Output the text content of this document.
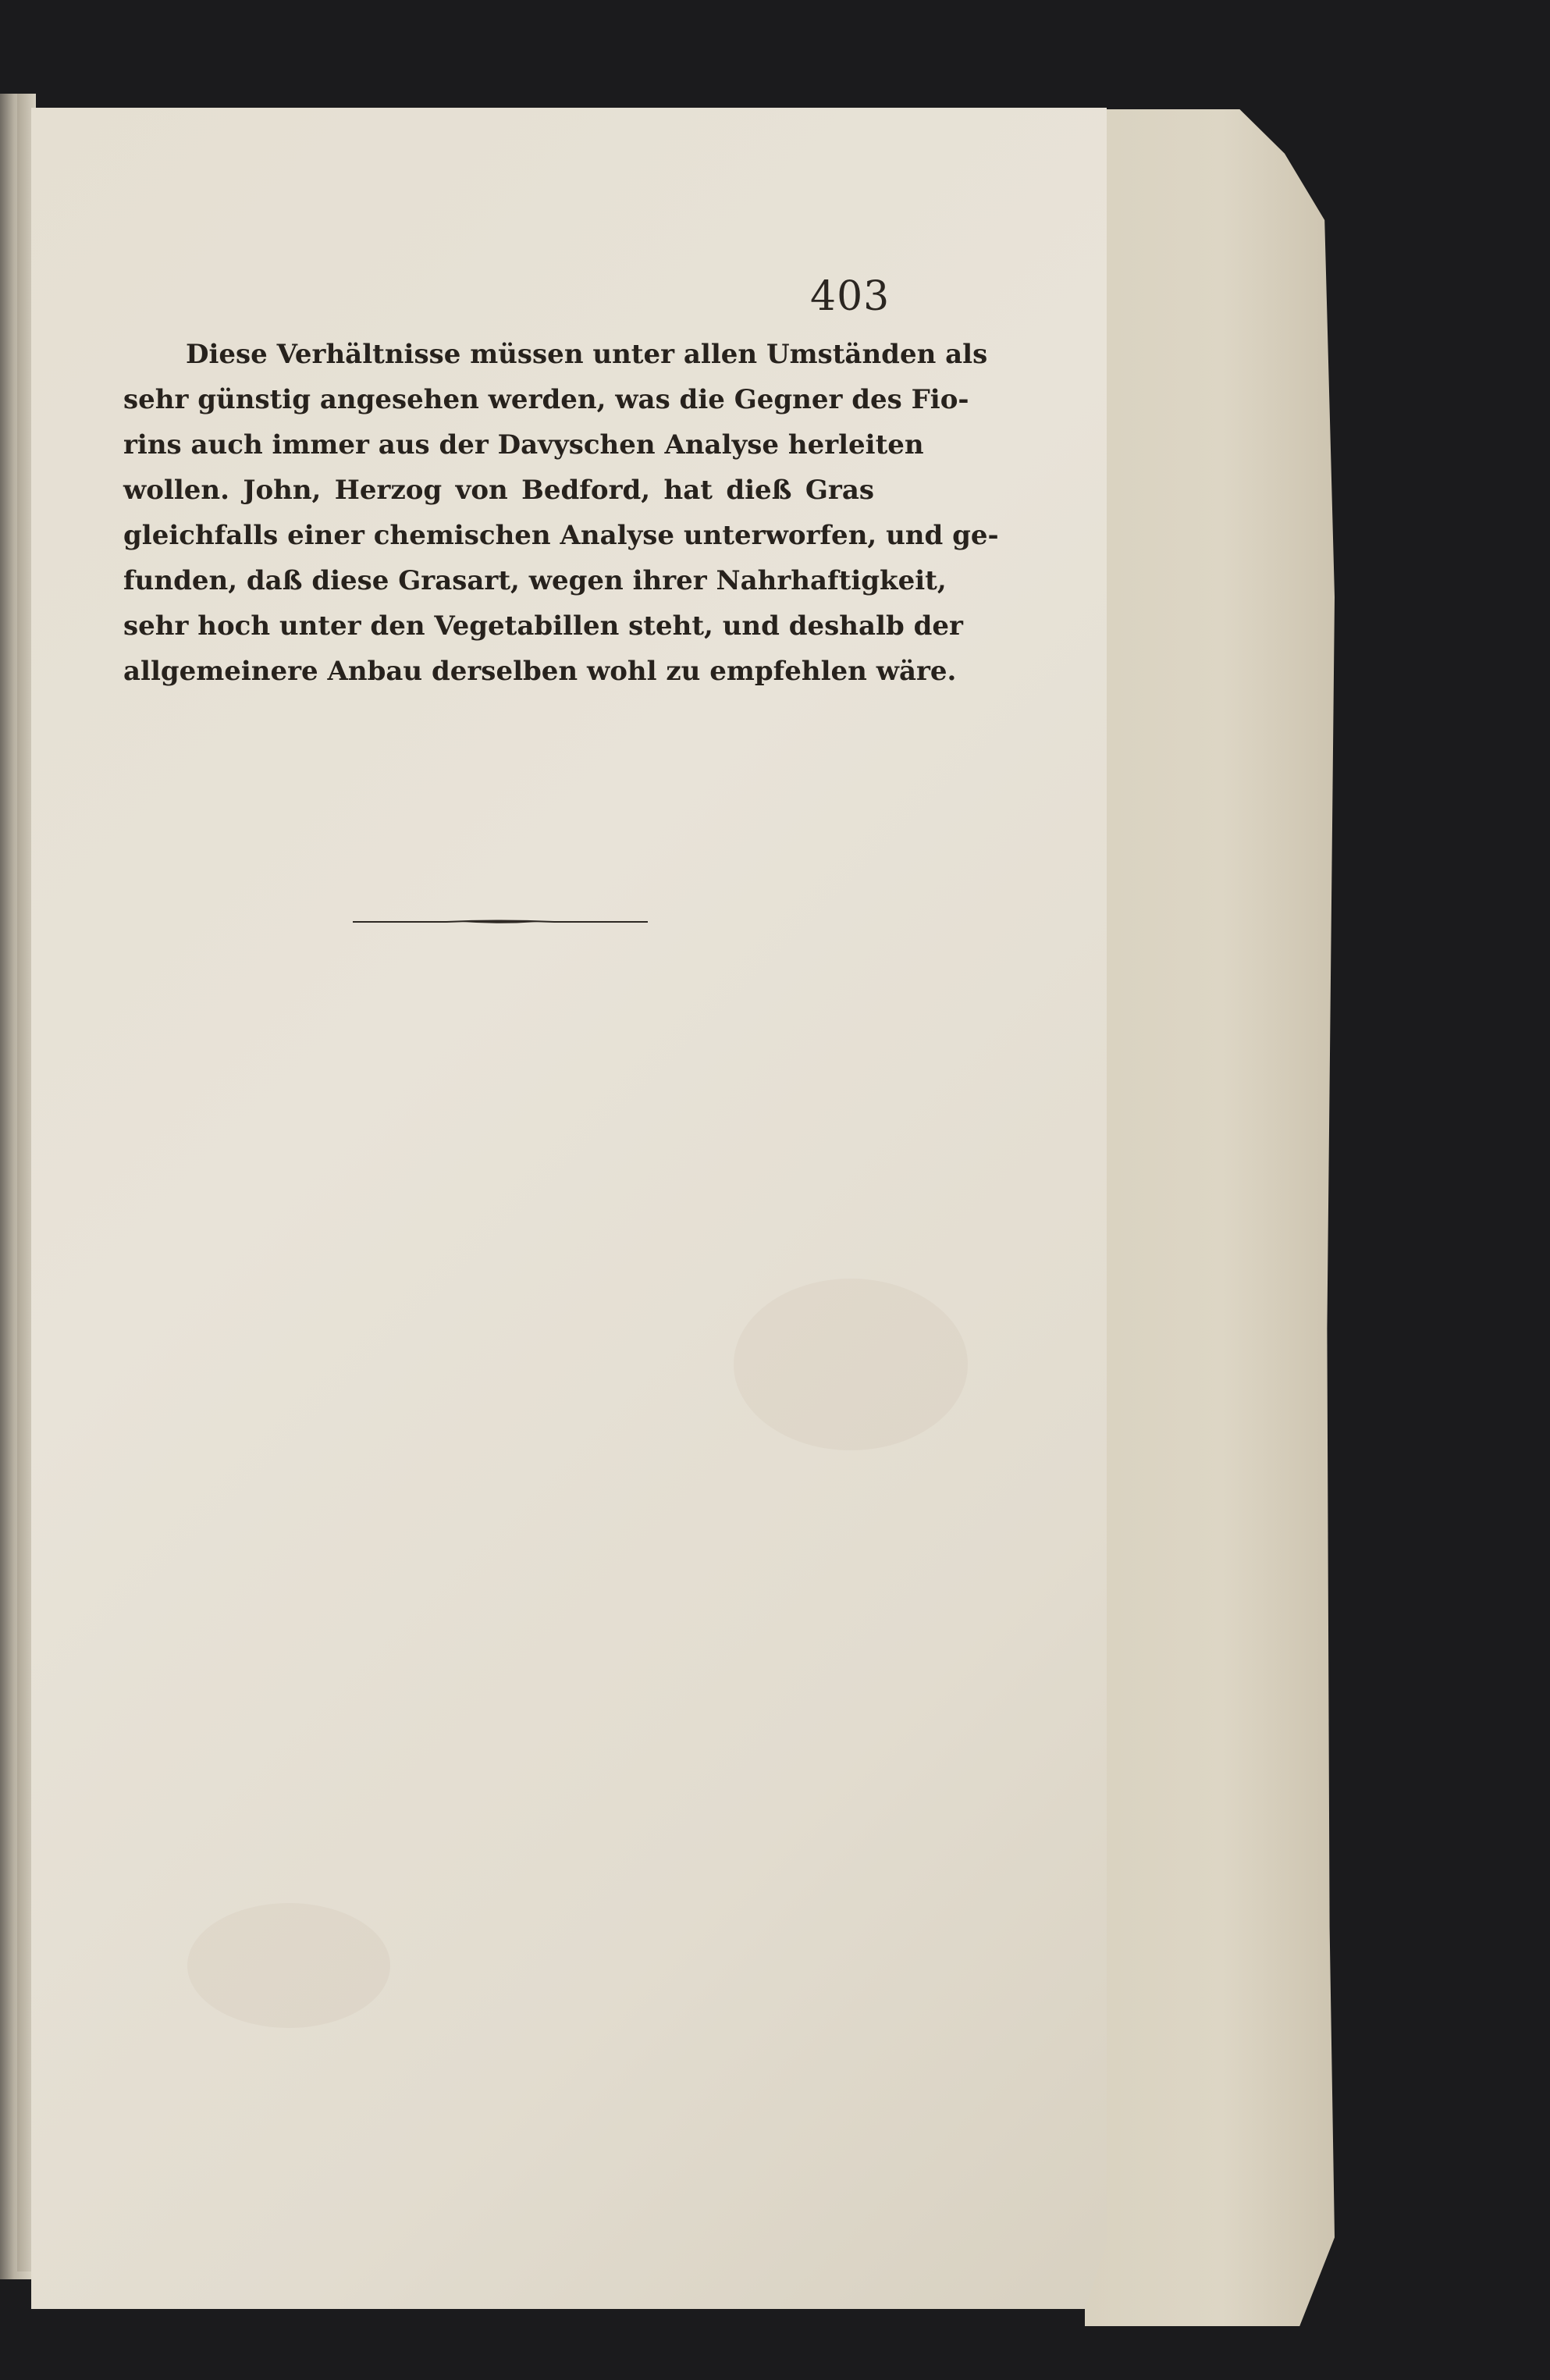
403
Diese Verhältnisse müssen unter allen Umständen als
sehr günstig angesehen werden, was die Gegner des Fio-
rins auch immer aus der Davyschen Analyse herleiten
wollen. John, Herzog von Bedford, hat dieß Gras
gleichfalls einer chemischen Analyse unterworfen, und ge-
funden, daß diese Grasart, wegen ihrer Nahrhaftigkeit,
sehr hoch unter den Vegetabillen steht, und deshalb der
allgemeinere Anbau derselben wohl zu empfehlen wäre.
